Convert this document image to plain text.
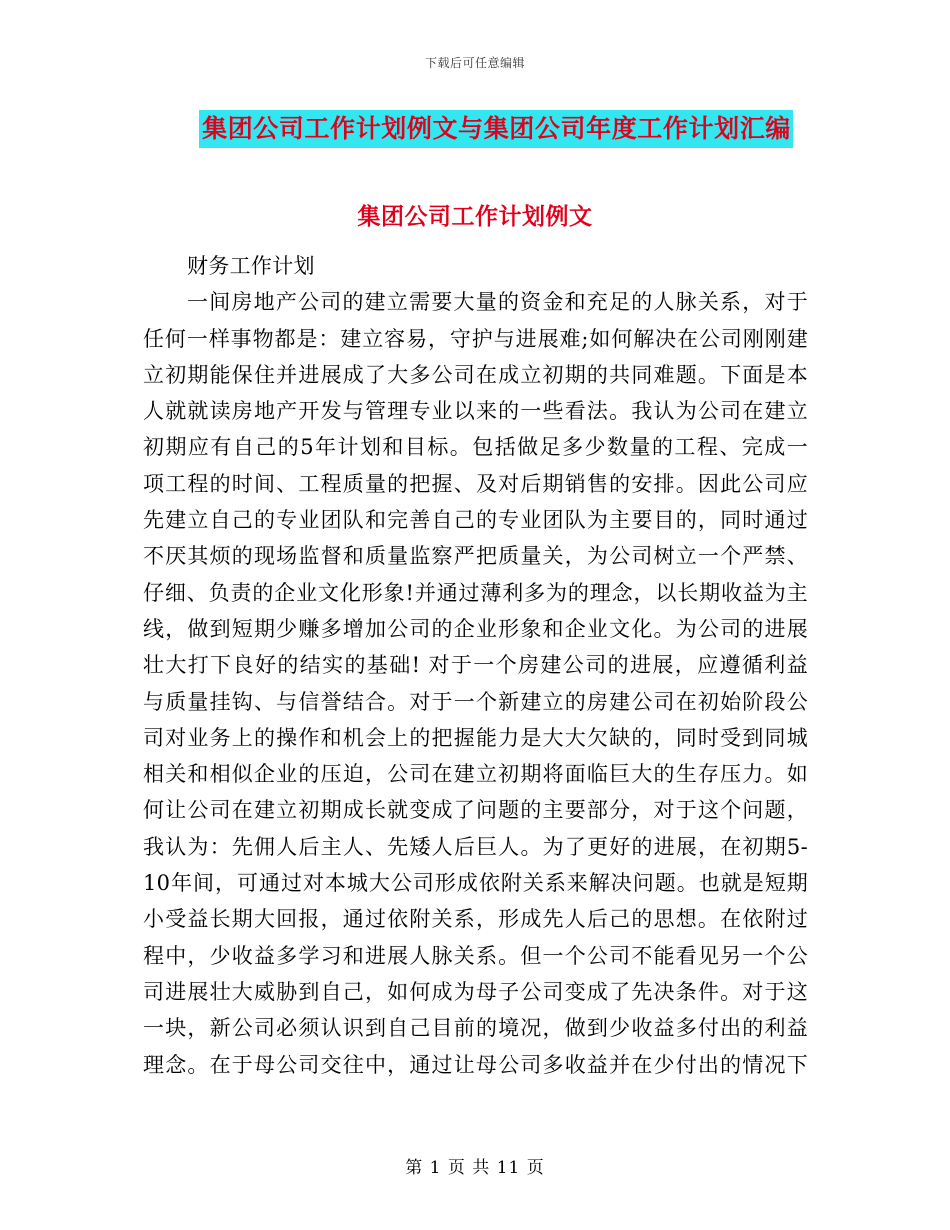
下载后可任意编辑
集团公司工作计划例文与集团公司年度工作计划汇编
集团公司工作计划例文
财务工作计划
一间房地产公司的建立需要大量的资金和充足的人脉关系，对于
任何一样事物都是：建立容易，守护与进展难;如何解决在公司刚刚建
立初期能保住并进展成了大多公司在成立初期的共同难题。下面是本
人就就读房地产开发与管理专业以来的一些看法。我认为公司在建立
初期应有自己的5年计划和目标。包括做足多少数量的工程、完成一
项工程的时间、工程质量的把握、及对后期销售的安排。因此公司应
先建立自己的专业团队和完善自己的专业团队为主要目的，同时通过
不厌其烦的现场监督和质量监察严把质量关，为公司树立一个严禁、
仔细、负责的企业文化形象!并通过薄利多为的理念，以长期收益为主
线，做到短期少赚多增加公司的企业形象和企业文化。为公司的进展
壮大打下良好的结实的基础! 对于一个房建公司的进展，应遵循利益
与质量挂钩、与信誉结合。对于一个新建立的房建公司在初始阶段公
司对业务上的操作和机会上的把握能力是大大欠缺的，同时受到同城
相关和相似企业的压迫，公司在建立初期将面临巨大的生存压力。如
何让公司在建立初期成长就变成了问题的主要部分，对于这个问题，
我认为：先佣人后主人、先矮人后巨人。为了更好的进展，在初期5-
10年间，可通过对本城大公司形成依附关系来解决问题。也就是短期
小受益长期大回报，通过依附关系，形成先人后己的思想。在依附过
程中，少收益多学习和进展人脉关系。但一个公司不能看见另一个公
司进展壮大威胁到自己，如何成为母子公司变成了先决条件。对于这
一块，新公司必须认识到自己目前的境况，做到少收益多付出的利益
理念。在于母公司交往中，通过让母公司多收益并在少付出的情况下
第 1 页 共 11 页
